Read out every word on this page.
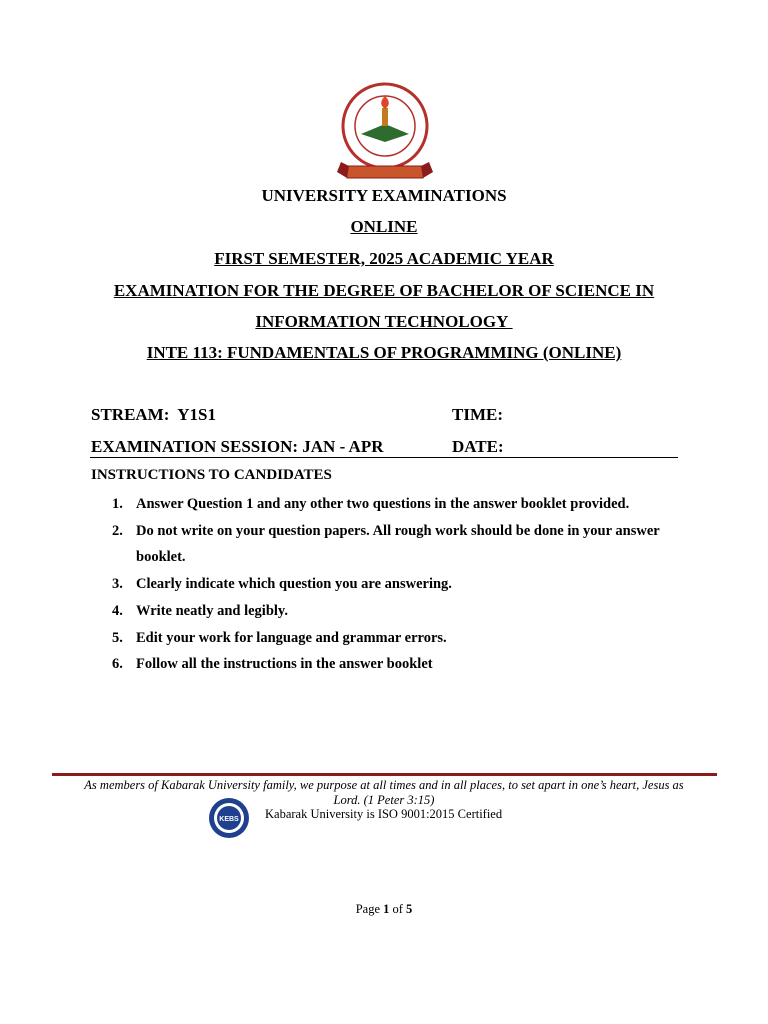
UNIVERSITY EXAMINATIONS
ONLINE
FIRST SEMESTER, 2025 ACADEMIC YEAR
EXAMINATION FOR THE DEGREE OF BACHELOR OF SCIENCE IN
INFORMATION TECHNOLOGY
INTE 113: FUNDAMENTALS OF PROGRAMMING (ONLINE)
STREAM: Y1S1	TIME:
EXAMINATION SESSION: JAN - APR	DATE:
INSTRUCTIONS TO CANDIDATES
1. Answer Question 1 and any other two questions in the answer booklet provided.
2. Do not write on your question papers. All rough work should be done in your answer booklet.
3. Clearly indicate which question you are answering.
4. Write neatly and legibly.
5. Edit your work for language and grammar errors.
6. Follow all the instructions in the answer booklet
As members of Kabarak University family, we purpose at all times and in all places, to set apart in one’s heart, Jesus as Lord. (1 Peter 3:15)
KEBS Kabarak University is ISO 9001:2015 Certified
Page 1 of 5
